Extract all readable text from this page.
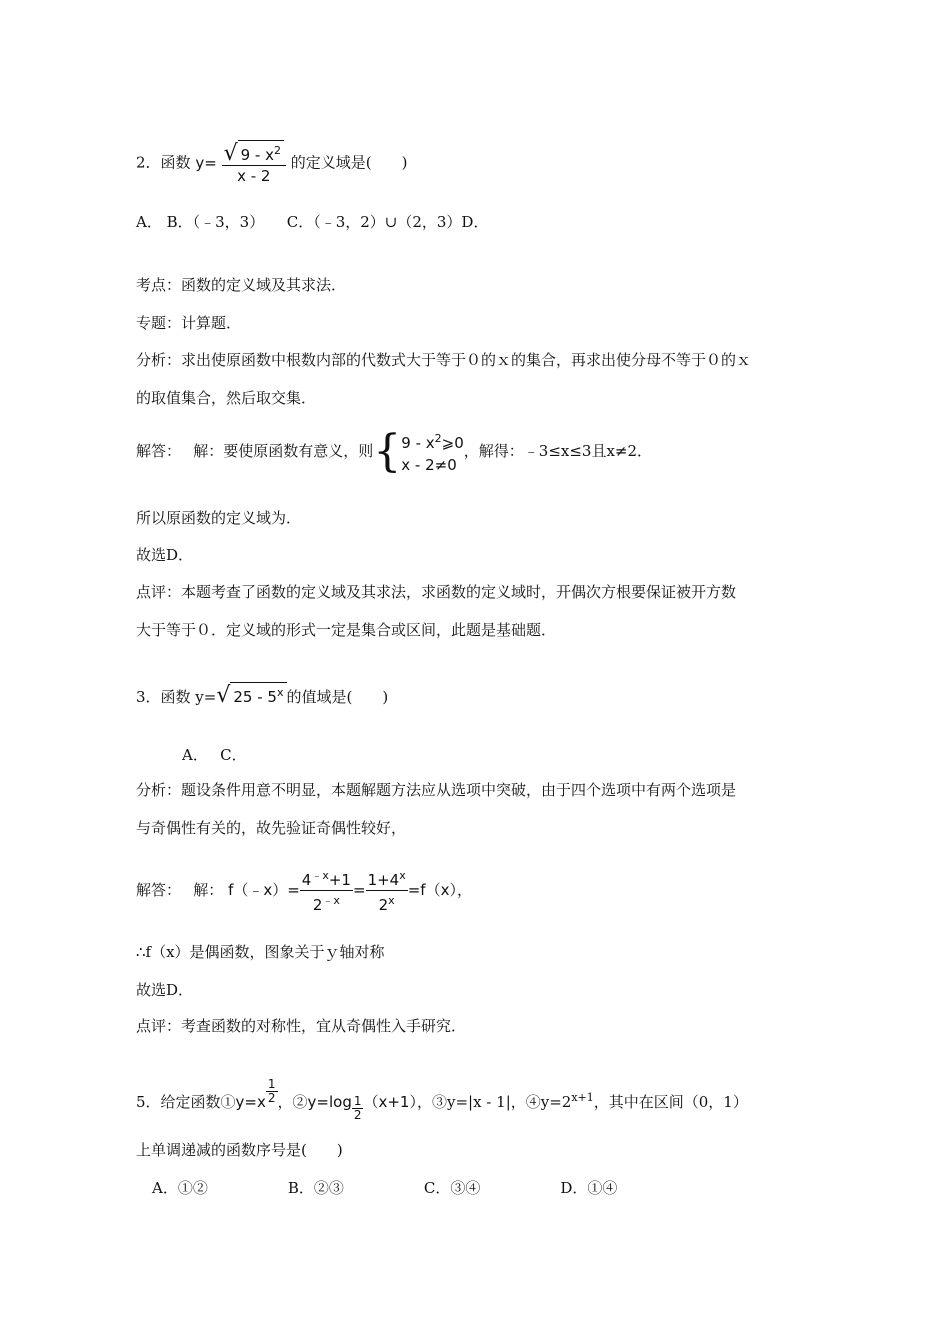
2．函数 $y= \frac{√ 9 - x^2}{x - 2}$ 的定义域是(　　)
A． B．（﹣3，3）　　C．（﹣3，2）∪（2，3）D．
考点：函数的定义域及其求法．
专题：计算题．
分析：求出使原函数中根数内部的代数式大于等于０的ｘ的集合，再求出使分母不等于０的ｘ
的取值集合，然后取交集．
解答：　 解：要使原函数有意义，则{ $9 - x^2⩾0$
x - 2≠0
，解得：﹣3≤x≤3且x≠2．
所以原函数的定义域为．
故选D．
点评：本题考查了函数的定义域及其求法，求函数的定义域时，开偶次方根要保证被开方数
大于等于０．定义域的形式一定是集合或区间，此题是基础题．
3．函数 y= √ 25 - 5$^x$ 的值域是(　　)
A．　 C．
分析：题设条件用意不明显，本题解题方法应从选项中突破，由于四个选项中有两个选项是
与奇偶性有关的，故先验证奇偶性较好，
解答：　 解： f（﹣x）= $\frac{4^{﹣x}+1}{2^{﹣x}} = \frac{1+4^x}{2^x} =f(x)$，
∴f（x）是偶函数，图象关于ｙ轴对称
故选D．
点评：考查函数的对称性，宜从奇偶性入手研究．
5．给定函数①y=x $\frac{1}{2}$ ，②y=log $\frac{1}{2} (x+1)$，③y=|x - 1|，$④y=2^{x+1}$，其中在区间（0，1）
上单调递减的函数序号是(　　)
A．①②	B．②③	C．③④	D．①④
